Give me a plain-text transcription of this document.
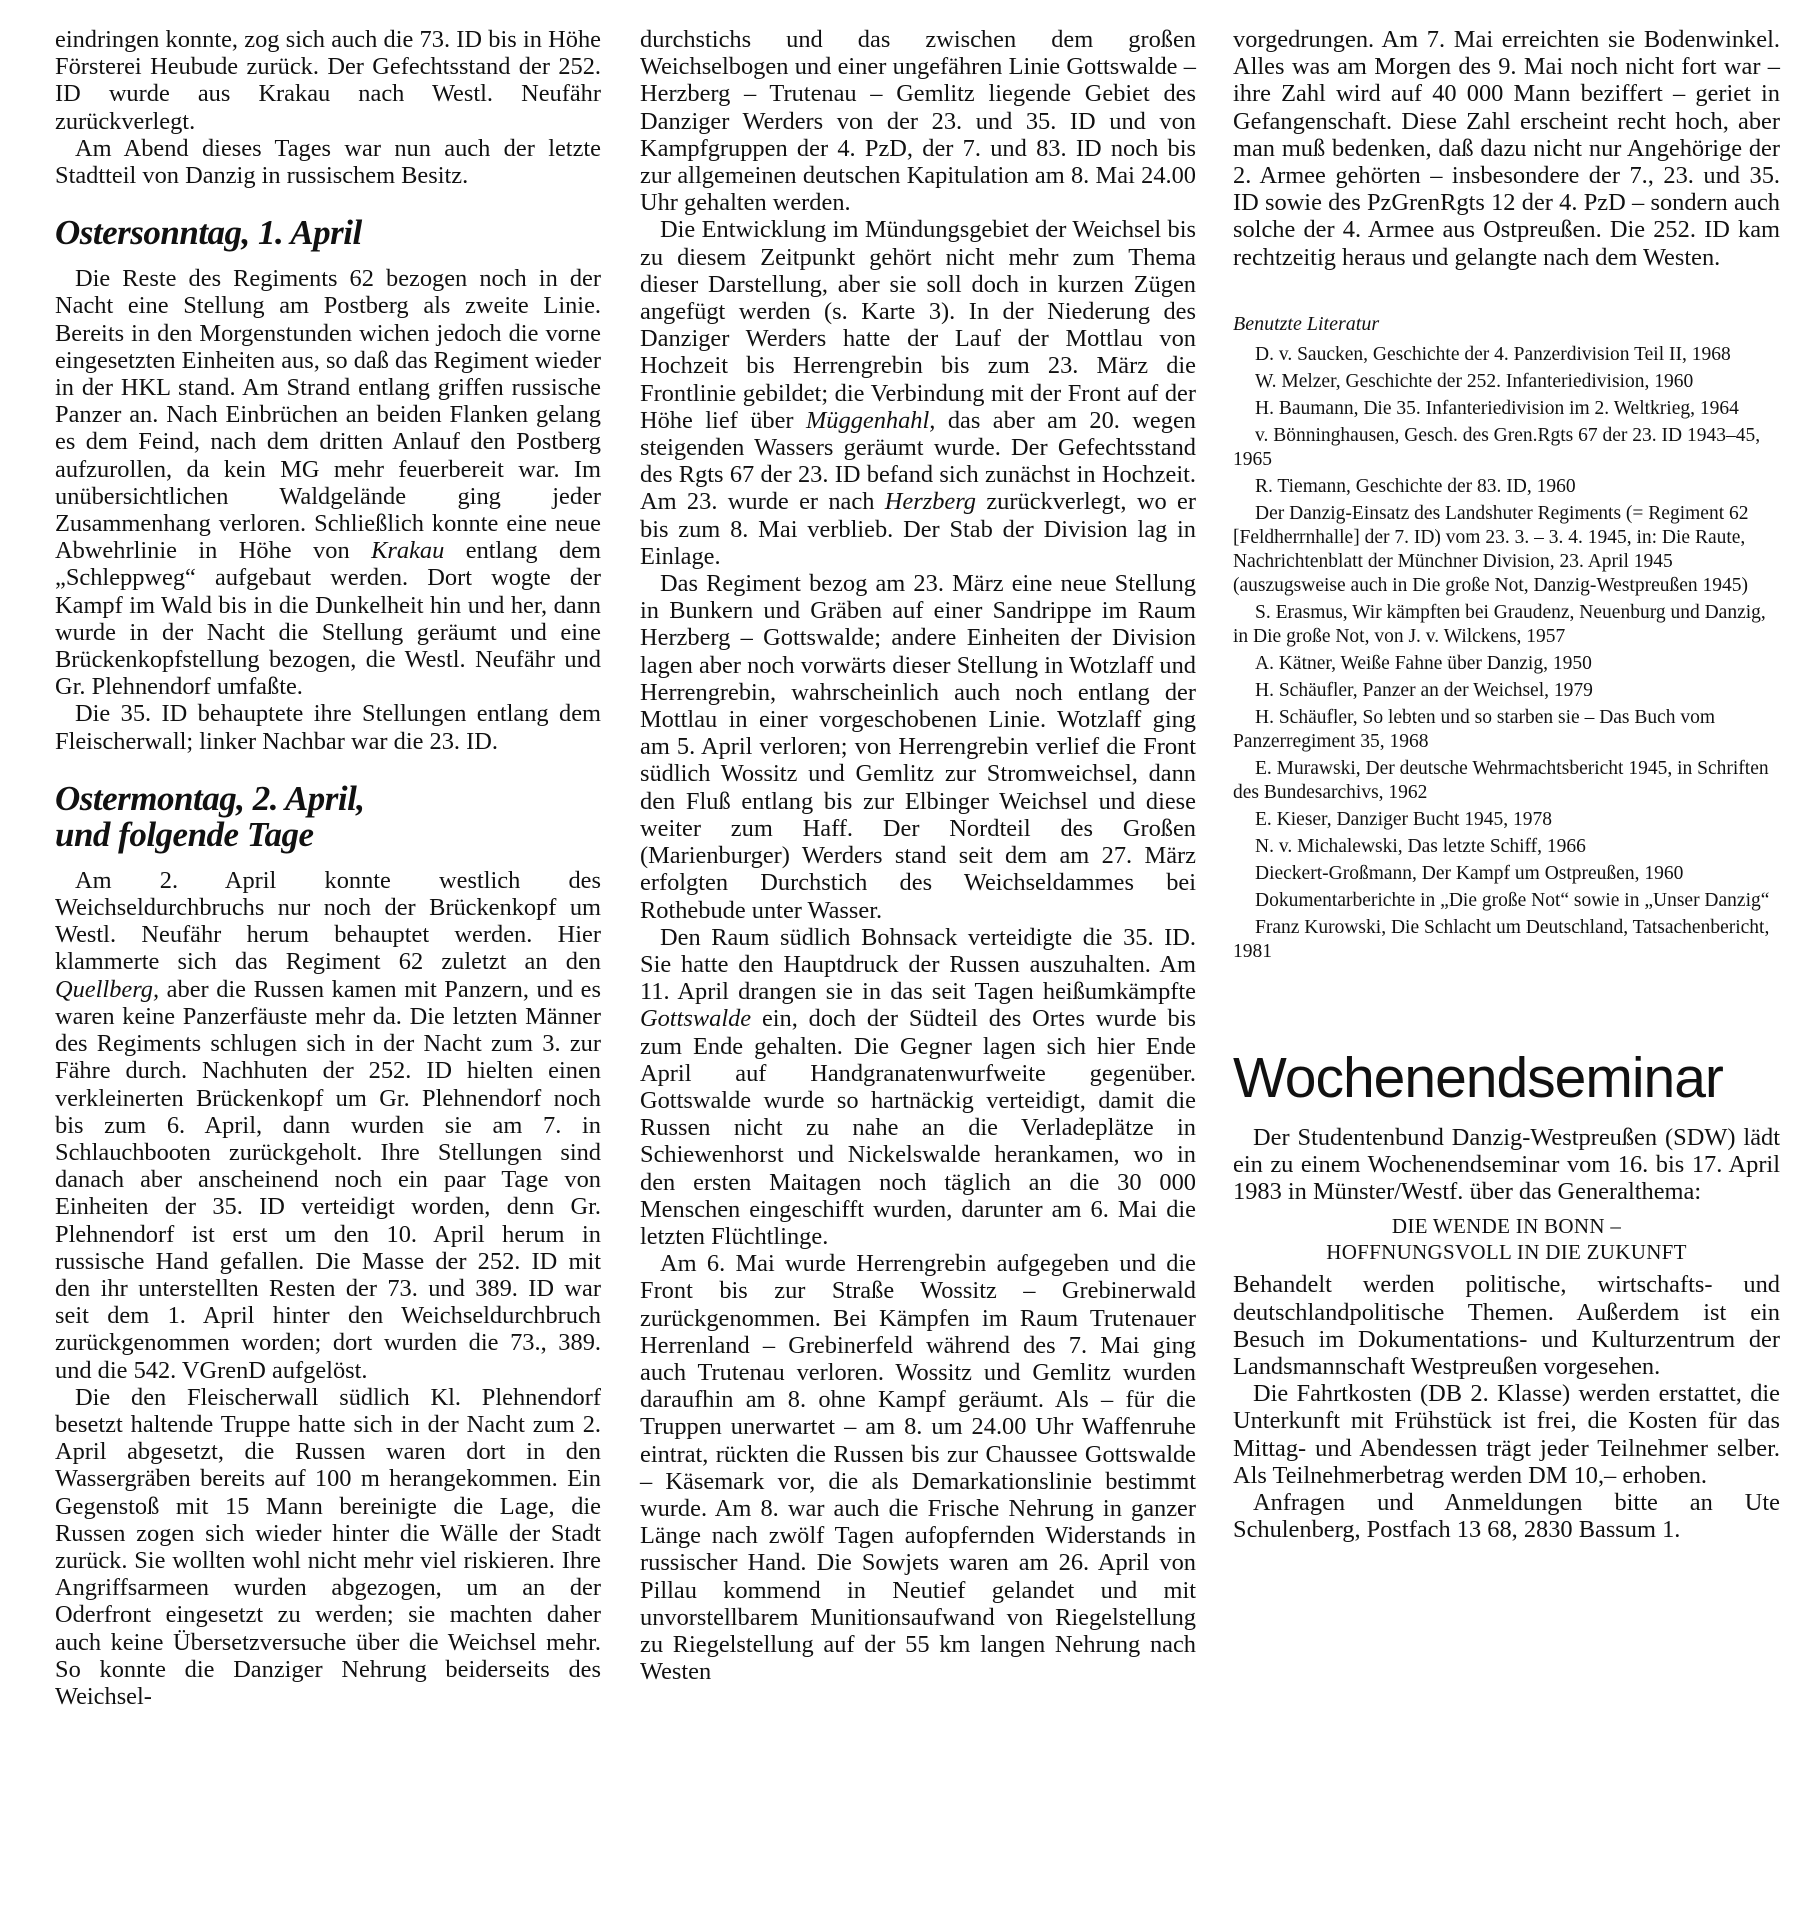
eindringen konnte, zog sich auch die 73. ID bis in Höhe Försterei Heubude zurück. Der Gefechtsstand der 252. ID wurde aus Krakau nach Westl. Neufähr zurückverlegt.

Am Abend dieses Tages war nun auch der letzte Stadtteil von Danzig in russischem Besitz.

Ostersonntag, 1. April

Die Reste des Regiments 62 bezogen noch in der Nacht eine Stellung am Postberg als zweite Linie. Bereits in den Morgenstunden wichen jedoch die vorne eingesetzten Einheiten aus, so daß das Regiment wieder in der HKL stand. Am Strand entlang griffen russische Panzer an. Nach Einbrüchen an beiden Flanken gelang es dem Feind, nach dem dritten Anlauf den Postberg aufzurollen, da kein MG mehr feuerbereit war. Im unübersichtlichen Waldgelände ging jeder Zusammenhang verloren. Schließlich konnte eine neue Abwehrlinie in Höhe von Krakau entlang dem „Schleppweg“ aufgebaut werden. Dort wogte der Kampf im Wald bis in die Dunkelheit hin und her, dann wurde in der Nacht die Stellung geräumt und eine Brückenkopfstellung bezogen, die Westl. Neufähr und Gr. Plehnendorf umfaßte.

Die 35. ID behauptete ihre Stellungen entlang dem Fleischerwall; linker Nachbar war die 23. ID.

Ostermontag, 2. April,
und folgende Tage

Am 2. April konnte westlich des Weichseldurchbruchs nur noch der Brückenkopf um Westl. Neufähr herum behauptet werden. Hier klammerte sich das Regiment 62 zuletzt an den Quellberg, aber die Russen kamen mit Panzern, und es waren keine Panzerfäuste mehr da. Die letzten Männer des Regiments schlugen sich in der Nacht zum 3. zur Fähre durch. Nachhuten der 252. ID hielten einen verkleinerten Brückenkopf um Gr. Plehnendorf noch bis zum 6. April, dann wurden sie am 7. in Schlauchbooten zurückgeholt. Ihre Stellungen sind danach aber anscheinend noch ein paar Tage von Einheiten der 35. ID verteidigt worden, denn Gr. Plehnendorf ist erst um den 10. April herum in russische Hand gefallen. Die Masse der 252. ID mit den ihr unterstellten Resten der 73. und 389. ID war seit dem 1. April hinter den Weichseldurchbruch zurückgenommen worden; dort wurden die 73., 389. und die 542. VGrenD aufgelöst.

Die den Fleischerwall südlich Kl. Plehnendorf besetzt haltende Truppe hatte sich in der Nacht zum 2. April abgesetzt, die Russen waren dort in den Wassergräben bereits auf 100 m herangekommen. Ein Gegenstoß mit 15 Mann bereinigte die Lage, die Russen zogen sich wieder hinter die Wälle der Stadt zurück. Sie wollten wohl nicht mehr viel riskieren. Ihre Angriffsarmeen wurden abgezogen, um an der Oderfront eingesetzt zu werden; sie machten daher auch keine Übersetzversuche über die Weichsel mehr. So konnte die Danziger Nehrung beiderseits des Weichsel-

durchstichs und das zwischen dem großen Weichselbogen und einer ungefähren Linie Gottswalde – Herzberg – Trutenau – Gemlitz liegende Gebiet des Danziger Werders von der 23. und 35. ID und von Kampfgruppen der 4. PzD, der 7. und 83. ID noch bis zur allgemeinen deutschen Kapitulation am 8. Mai 24.00 Uhr gehalten werden.

Die Entwicklung im Mündungsgebiet der Weichsel bis zu diesem Zeitpunkt gehört nicht mehr zum Thema dieser Darstellung, aber sie soll doch in kurzen Zügen angefügt werden (s. Karte 3). In der Niederung des Danziger Werders hatte der Lauf der Mottlau von Hochzeit bis Herrengrebin bis zum 23. März die Frontlinie gebildet; die Verbindung mit der Front auf der Höhe lief über Müggenhahl, das aber am 20. wegen steigenden Wassers geräumt wurde. Der Gefechtsstand des Rgts 67 der 23. ID befand sich zunächst in Hochzeit. Am 23. wurde er nach Herzberg zurückverlegt, wo er bis zum 8. Mai verblieb. Der Stab der Division lag in Einlage.

Das Regiment bezog am 23. März eine neue Stellung in Bunkern und Gräben auf einer Sandrippe im Raum Herzberg – Gottswalde; andere Einheiten der Division lagen aber noch vorwärts dieser Stellung in Wotzlaff und Herrengrebin, wahrscheinlich auch noch entlang der Mottlau in einer vorgeschobenen Linie. Wotzlaff ging am 5. April verloren; von Herrengrebin verlief die Front südlich Wossitz und Gemlitz zur Stromweichsel, dann den Fluß entlang bis zur Elbinger Weichsel und diese weiter zum Haff. Der Nordteil des Großen (Marienburger) Werders stand seit dem am 27. März erfolgten Durchstich des Weichseldammes bei Rothebude unter Wasser.

Den Raum südlich Bohnsack verteidigte die 35. ID. Sie hatte den Hauptdruck der Russen auszuhalten. Am 11. April drangen sie in das seit Tagen heißumkämpfte Gottswalde ein, doch der Südteil des Ortes wurde bis zum Ende gehalten. Die Gegner lagen sich hier Ende April auf Handgranatenwurfweite gegenüber. Gottswalde wurde so hartnäckig verteidigt, damit die Russen nicht zu nahe an die Verladeplätze in Schiewenhorst und Nickelswalde herankamen, wo in den ersten Maitagen noch täglich an die 30 000 Menschen eingeschifft wurden, darunter am 6. Mai die letzten Flüchtlinge.

Am 6. Mai wurde Herrengrebin aufgegeben und die Front bis zur Straße Wossitz – Grebinerwald zurückgenommen. Bei Kämpfen im Raum Trutenauer Herrenland – Grebinerfeld während des 7. Mai ging auch Trutenau verloren. Wossitz und Gemlitz wurden daraufhin am 8. ohne Kampf geräumt. Als – für die Truppen unerwartet – am 8. um 24.00 Uhr Waffenruhe eintrat, rückten die Russen bis zur Chaussee Gottswalde – Käsemark vor, die als Demarkationslinie bestimmt wurde. Am 8. war auch die Frische Nehrung in ganzer Länge nach zwölf Tagen aufopfernden Widerstands in russischer Hand. Die Sowjets waren am 26. April von Pillau kommend in Neutief gelandet und mit unvorstellbarem Munitionsaufwand von Riegelstellung zu Riegelstellung auf der 55 km langen Nehrung nach Westen

vorgedrungen. Am 7. Mai erreichten sie Bodenwinkel. Alles was am Morgen des 9. Mai noch nicht fort war – ihre Zahl wird auf 40 000 Mann beziffert – geriet in Gefangenschaft. Diese Zahl erscheint recht hoch, aber man muß bedenken, daß dazu nicht nur Angehörige der 2. Armee gehörten – insbesondere der 7., 23. und 35. ID sowie des PzGrenRgts 12 der 4. PzD – sondern auch solche der 4. Armee aus Ostpreußen. Die 252. ID kam rechtzeitig heraus und gelangte nach dem Westen.

Benutzte Literatur
D. v. Saucken, Geschichte der 4. Panzerdivision Teil II, 1968
W. Melzer, Geschichte der 252. Infanteriedivision, 1960
H. Baumann, Die 35. Infanteriedivision im 2. Weltkrieg, 1964
v. Bönninghausen, Gesch. des Gren.Rgts 67 der 23. ID 1943–45, 1965
R. Tiemann, Geschichte der 83. ID, 1960
Der Danzig-Einsatz des Landshuter Regiments (= Regiment 62 [Feldherrnhalle] der 7. ID) vom 23. 3. – 3. 4. 1945, in: Die Raute, Nachrichtenblatt der Münchner Division, 23. April 1945 (auszugsweise auch in Die große Not, Danzig-Westpreußen 1945)
S. Erasmus, Wir kämpften bei Graudenz, Neuenburg und Danzig, in Die große Not, von J. v. Wilckens, 1957
A. Kätner, Weiße Fahne über Danzig, 1950
H. Schäufler, Panzer an der Weichsel, 1979
H. Schäufler, So lebten und so starben sie – Das Buch vom Panzerregiment 35, 1968
E. Murawski, Der deutsche Wehrmachtsbericht 1945, in Schriften des Bundesarchivs, 1962
E. Kieser, Danziger Bucht 1945, 1978
N. v. Michalewski, Das letzte Schiff, 1966
Dieckert-Großmann, Der Kampf um Ostpreußen, 1960
Dokumentarberichte in „Die große Not“ sowie in „Unser Danzig“
Franz Kurowski, Die Schlacht um Deutschland, Tatsachenbericht, 1981
Wochenendseminar

Der Studentenbund Danzig-Westpreußen (SDW) lädt ein zu einem Wochenendseminar vom 16. bis 17. April 1983 in Münster/Westf. über das Generalthema:

DIE WENDE IN BONN –
HOFFNUNGSVOLL IN DIE ZUKUNFT

Behandelt werden politische, wirtschafts- und deutschlandpolitische Themen. Außerdem ist ein Besuch im Dokumentations- und Kulturzentrum der Landsmannschaft Westpreußen vorgesehen.

Die Fahrtkosten (DB 2. Klasse) werden erstattet, die Unterkunft mit Frühstück ist frei, die Kosten für das Mittag- und Abendessen trägt jeder Teilnehmer selber. Als Teilnehmerbetrag werden DM 10,– erhoben.

Anfragen und Anmeldungen bitte an Ute Schulenberg, Postfach 13 68, 2830 Bassum 1.
